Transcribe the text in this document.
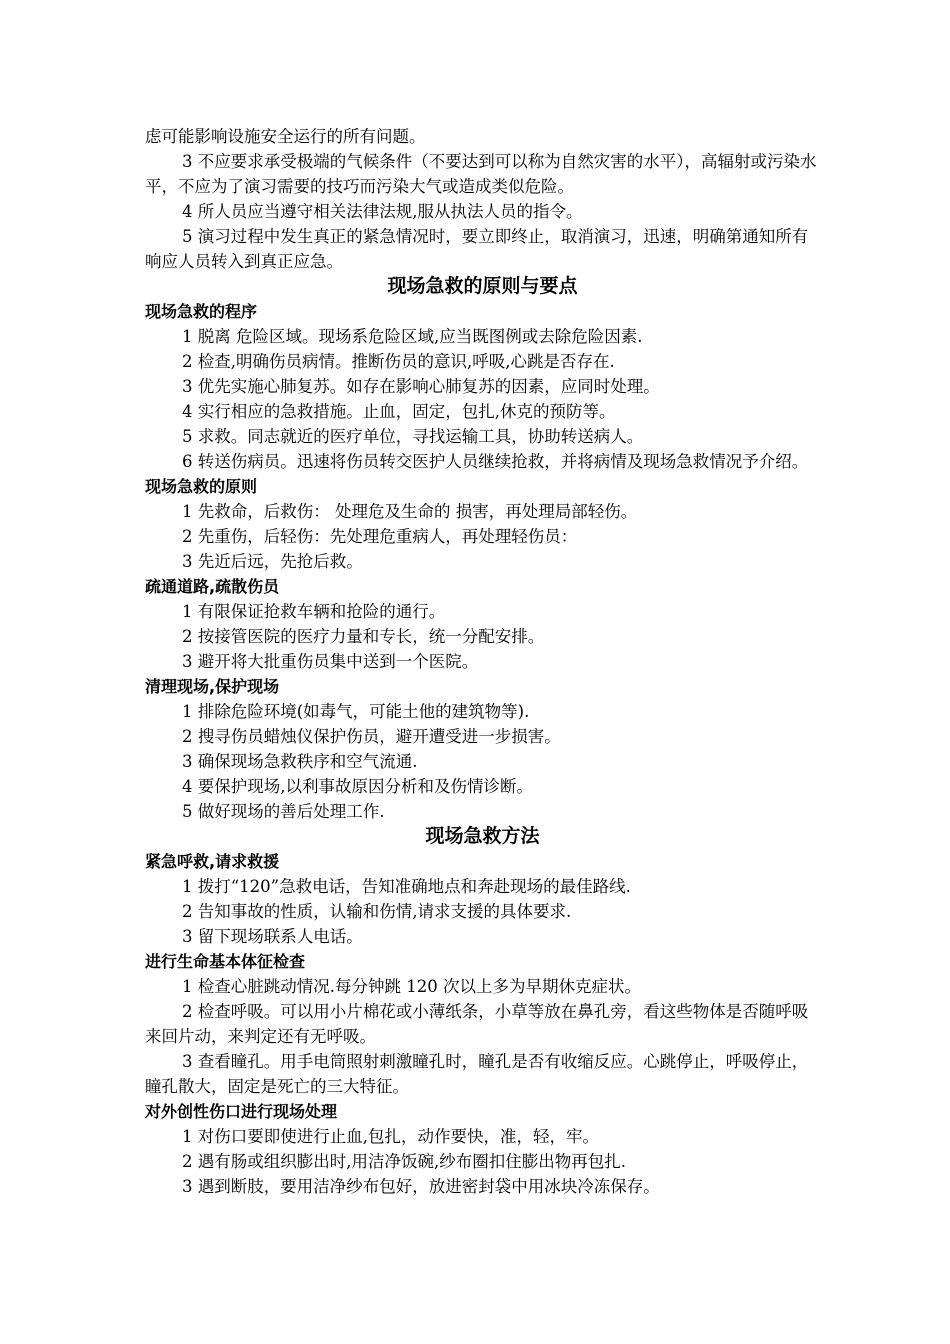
虑可能影响设施安全运行的所有问题。

3 不应要求承受极端的气候条件（不要达到可以称为自然灾害的水平），高辐射或污染水平，不应为了演习需要的技巧而污染大气或造成类似危险。

4 所人员应当遵守相关法律法规,服从执法人员的指令。

5 演习过程中发生真正的紧急情况时，要立即终止，取消演习，迅速，明确第通知所有响应人员转入到真正应急。

现场急救的原则与要点
现场急救的程序

1 脱离 危险区域。现场系危险区域,应当既图例或去除危险因素.

2 检查,明确伤员病情。推断伤员的意识,呼吸,心跳是否存在.

3 优先实施心肺复苏。如存在影响心肺复苏的因素，应同时处理。

4 实行相应的急救措施。止血，固定，包扎,休克的预防等。

5 求救。同志就近的医疗单位，寻找运输工具，协助转送病人。

6 转送伤病员。迅速将伤员转交医护人员继续抢救，并将病情及现场急救情况予介绍。

现场急救的原则

1 先救命，后救伤： 处理危及生命的 损害，再处理局部轻伤。

2 先重伤，后轻伤：先处理危重病人，再处理轻伤员：

3 先近后远，先抢后救。

疏通道路,疏散伤员

1 有限保证抢救车辆和抢险的通行。

2 按接管医院的医疗力量和专长，统一分配安排。

3 避开将大批重伤员集中送到一个医院。

清理现场,保护现场

1 排除危险环境(如毒气，可能土他的建筑物等).

2 搜寻伤员蜡烛仪保护伤员，避开遭受进一步损害。

3 确保现场急救秩序和空气流通.

4 要保护现场,以利事故原因分析和及伤情诊断。

5 做好现场的善后处理工作.

现场急救方法
紧急呼救,请求救援

1 拨打“120”急救电话，告知准确地点和奔赴现场的最佳路线.

2 告知事故的性质，认输和伤情,请求支援的具体要求.

3 留下现场联系人电话。

进行生命基本体征检查

1 检查心脏跳动情况.每分钟跳 120 次以上多为早期休克症状。

2 检查呼吸。可以用小片棉花或小薄纸条，小草等放在鼻孔旁，看这些物体是否随呼吸来回片动，来判定还有无呼吸。

3 查看瞳孔。用手电筒照射刺激瞳孔时，瞳孔是否有收缩反应。心跳停止，呼吸停止，瞳孔散大，固定是死亡的三大特征。

对外创性伤口进行现场处理

1 对伤口要即使进行止血,包扎，动作要快，准，轻，牢。

2 遇有肠或组织膨出时,用洁净饭碗,纱布圈扣住膨出物再包扎.

3 遇到断肢，要用洁净纱布包好，放进密封袋中用冰块冷冻保存。
